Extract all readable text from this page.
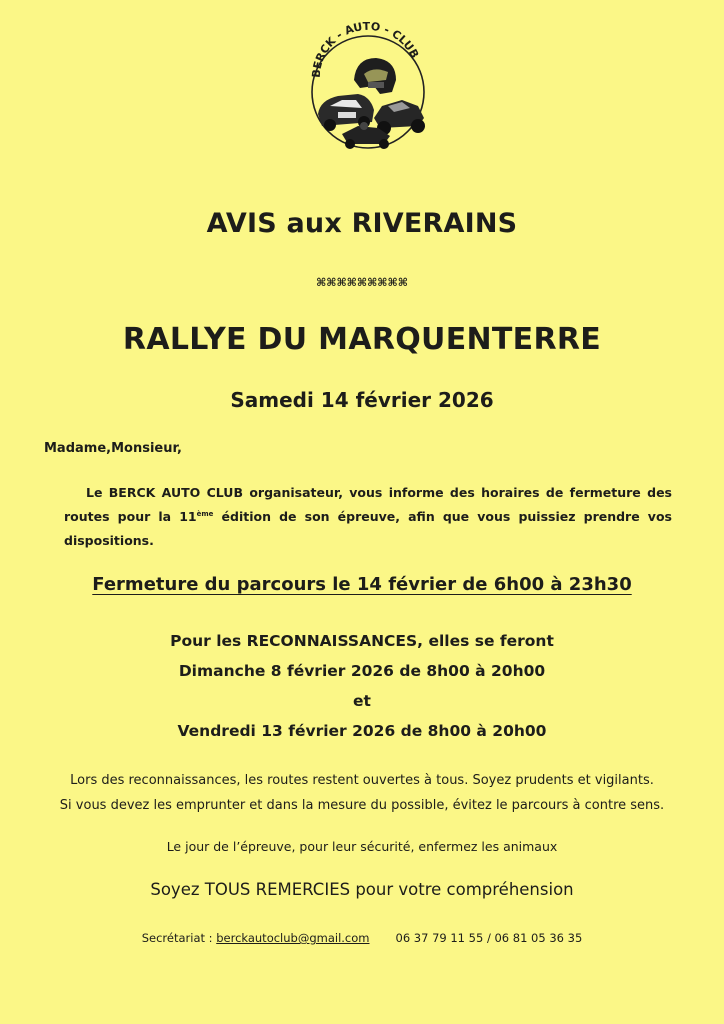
BERCK - AUTO - CLUB
AVIS aux RIVERAINS
⌘⌘⌘⌘⌘⌘⌘⌘⌘
RALLYE DU MARQUENTERRE
Samedi 14 février 2026
Madame,Monsieur,
Le BERCK AUTO CLUB organisateur, vous informe des horaires de fermeture des routes pour la 11ème édition de son épreuve, afin que vous puissiez prendre vos dispositions.
Fermeture du parcours le 14 février de 6h00 à 23h30
Pour les RECONNAISSANCES, elles se feront
Dimanche 8 février 2026 de 8h00 à 20h00
et
Vendredi 13 février 2026 de 8h00 à 20h00
Lors des reconnaissances, les routes restent ouvertes à tous. Soyez prudents et vigilants.
Si vous devez les emprunter et dans la mesure du possible, évitez le parcours à contre sens.
Le jour de l’épreuve, pour leur sécurité, enfermez les animaux
Soyez TOUS REMERCIES pour votre compréhension
Secrétariat : berckautoclub@gmail.com 06 37 79 11 55 / 06 81 05 36 35
